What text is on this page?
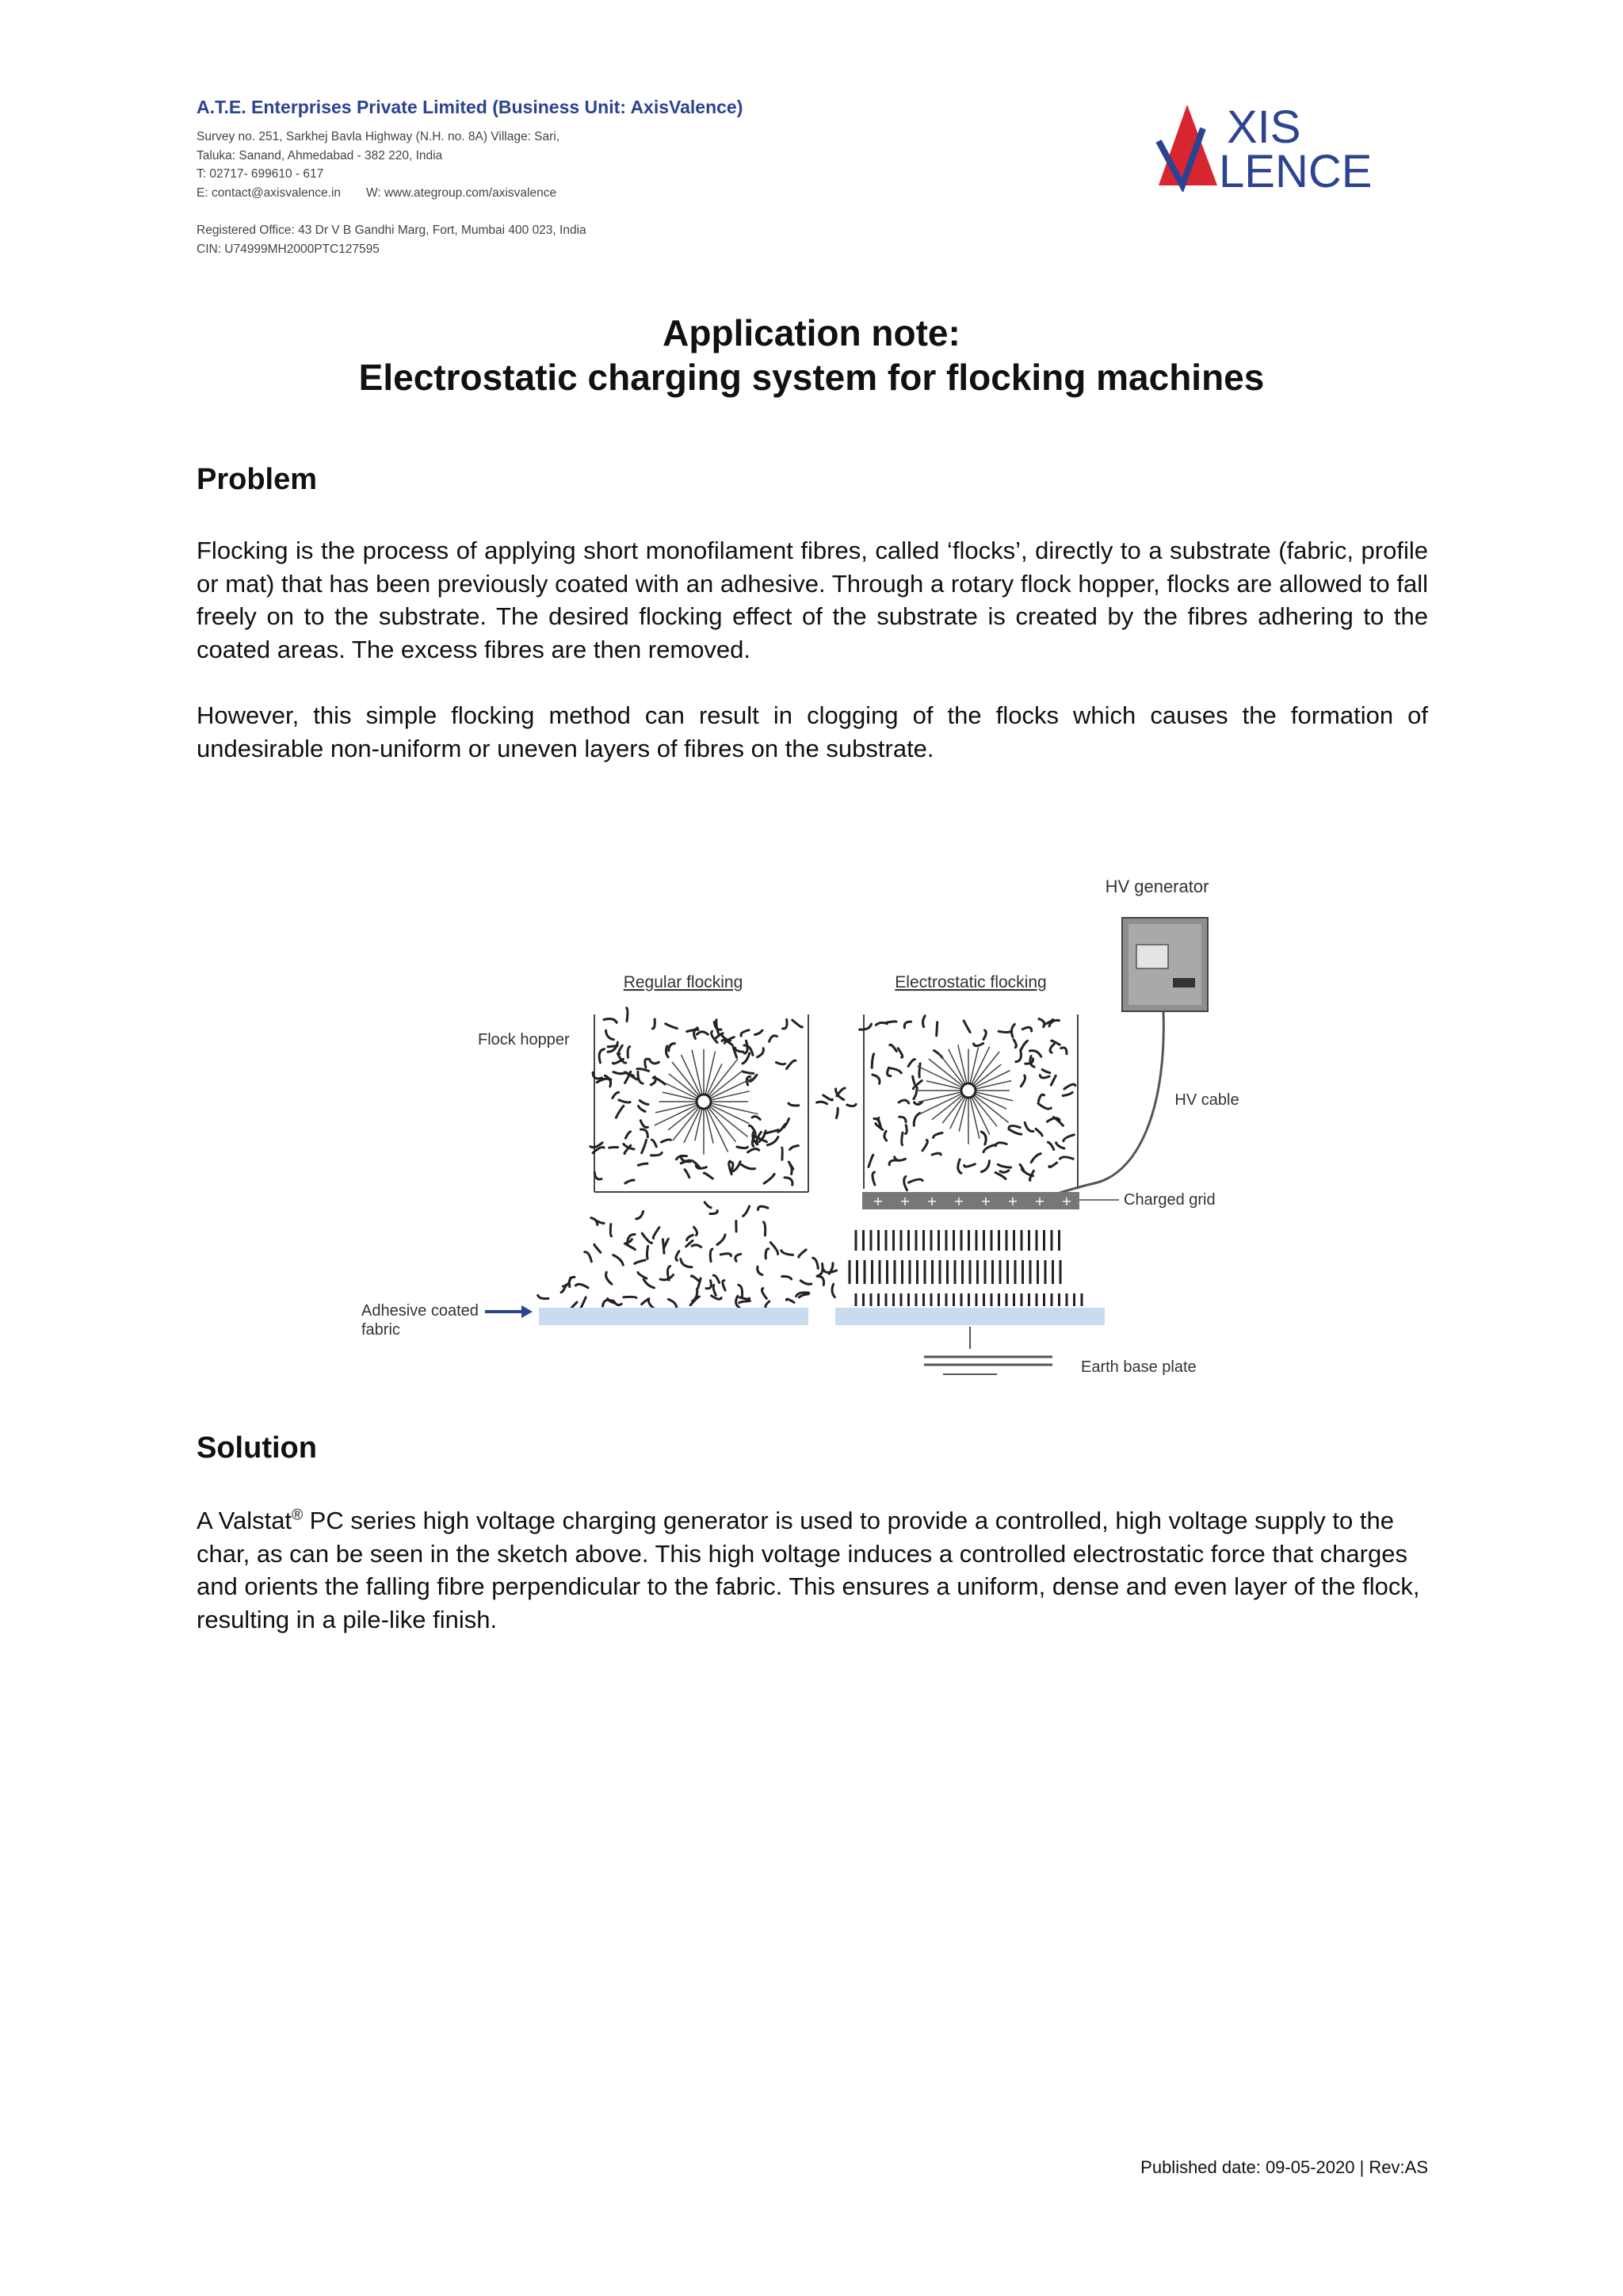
A.T.E. Enterprises Private Limited (Business Unit: AxisValence)
Survey no. 251, Sarkhej Bavla Highway (N.H. no. 8A) Village: Sari,
Taluka: Sanand, Ahmedabad - 382 220, India
T: 02717- 699610 - 617
E: contact@axisvalence.in W: www.ategroup.com/axisvalence
Registered Office: 43 Dr V B Gandhi Marg, Fort, Mumbai 400 023, India
CIN: U74999MH2000PTC127595
XIS
LENCE
Application note:
Electrostatic charging system for flocking machines
Problem
Flocking is the process of applying short monofilament fibres, called ‘flocks’, directly to a substrate (fabric, profile or mat) that has been previously coated with an adhesive. Through a rotary flock hopper, flocks are allowed to fall freely on to the substrate. The desired flocking effect of the substrate is created by the fibres adhering to the coated areas. The excess fibres are then removed.
However, this simple flocking method can result in clogging of the flocks which causes the formation of undesirable non-uniform or uneven layers of fibres on the substrate.
HV generator
Regular flocking	Electrostatic flocking
Flock hopper
HV cable
Charged grid
Adhesive coated
fabric
Earth base plate
+ + + + + + + +
Solution
A Valstat® PC series high voltage charging generator is used to provide a controlled, high voltage supply to the char, as can be seen in the sketch above. This high voltage induces a controlled electrostatic force that charges and orients the falling fibre perpendicular to the fabric. This ensures a uniform, dense and even layer of the flock, resulting in a pile-like finish.
Published date: 09-05-2020 | Rev:AS
